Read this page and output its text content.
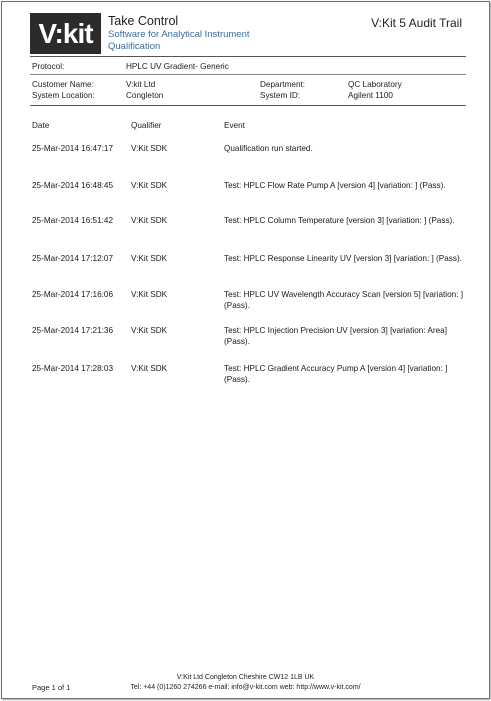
V:kit	Take Control
Software for Analytical Instrument Qualification
V:Kit 5 Audit Trail
Protocol:	HPLC UV Gradient- Generic
Customer Name:	V:kit Ltd	Department:	QC Laboratory
System Location:	Congleton	System ID:	Agilent 1100
Date	Qualifier	Event
25-Mar-2014 16:47:17 V:Kit SDK	Qualification run started.
25-Mar-2014 16:48:45 V:Kit SDK	Test: HPLC Flow Rate Pump A [version 4] [variation: ] (Pass).
25-Mar-2014 16:51:42 V:Kit SDK	Test: HPLC Column Temperature [version 3] [variation: ] (Pass).
25-Mar-2014 17:12:07 V:Kit SDK	Test: HPLC Response Linearity UV [version 3] [variation: ] (Pass).
25-Mar-2014 17:16:06 V:Kit SDK	Test: HPLC UV Wavelength Accuracy Scan [version 5] [variation: ] (Pass).
25-Mar-2014 17:21:36 V:Kit SDK	Test: HPLC Injection Precision UV [version 3] [variation: Area] (Pass).
25-Mar-2014 17:28:03 V:Kit SDK	Test: HPLC Gradient Accuracy Pump A [version 4] [variation: ] (Pass).
V:Kit Ltd Congleton Cheshire CW12 1LB UK
Tel: +44 (0)1260 274266 e-mail: info@v-kit.com web: http://www.v-kit.com/
Page 1 of 1
